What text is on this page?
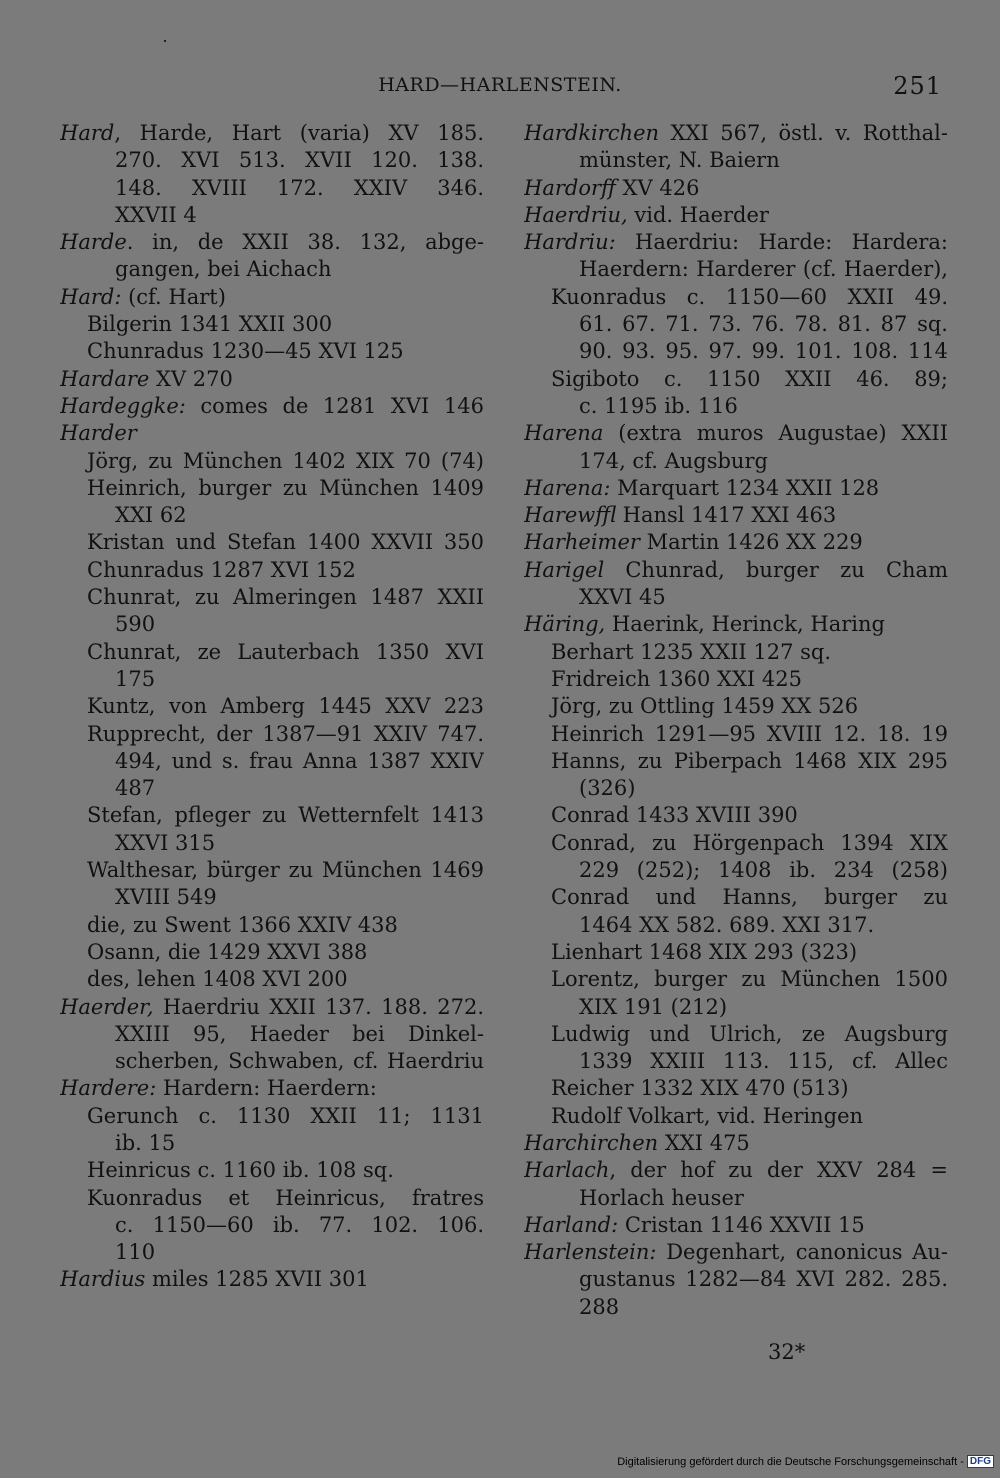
HARD—HARLENSTEIN.	251
Hard, Harde, Hart (varia) XV 185.
270. XVI 513. XVII 120. 138.
148. XVIII 172. XXIV 346.
XXVII 4
Harde. in, de XXII 38. 132, abge-
gangen, bei Aichach
Hard: (cf. Hart)
Bilgerin 1341 XXII 300
Chunradus 1230—45 XVI 125
Hardare XV 270
Hardeggke: comes de 1281 XVI 146
Harder
Jörg, zu München 1402 XIX 70 (74)
Heinrich, burger zu München 1409
XXI 62
Kristan und Stefan 1400 XXVII 350
Chunradus 1287 XVI 152
Chunrat, zu Almeringen 1487 XXII
590
Chunrat, ze Lauterbach 1350 XVI
175
Kuntz, von Amberg 1445 XXV 223
Rupprecht, der 1387—91 XXIV 747.
494, und s. frau Anna 1387 XXIV
487
Stefan, pfleger zu Wetternfelt 1413
XXVI 315
Walthesar, bürger zu München 1469
XVIII 549
die, zu Swent 1366 XXIV 438
Osann, die 1429 XXVI 388
des, lehen 1408 XVI 200
Haerder, Haerdriu XXII 137. 188. 272.
XXIII 95, Haeder bei Dinkel-
scherben, Schwaben, cf. Haerdriu
Hardere: Hardern: Haerdern:
Gerunch c. 1130 XXII 11; 1131
ib. 15
Heinricus c. 1160 ib. 108 sq.
Kuonradus et Heinricus, fratres
c. 1150—60 ib. 77. 102. 106.
110
Hardius miles 1285 XVII 301
Hardkirchen XXI 567, östl. v. Rotthal-
münster, N. Baiern
Hardorff XV 426
Haerdriu, vid. Haerder
Hardriu: Haerdriu: Harde: Hardera:
Haerdern: Harderer (cf. Haerder),
Kuonradus c. 1150—60 XXII 49.
61. 67. 71. 73. 76. 78. 81. 87 sq.
90. 93. 95. 97. 99. 101. 108. 114
Sigiboto c. 1150 XXII 46. 89;
c. 1195 ib. 116
Harena (extra muros Augustae) XXII
174, cf. Augsburg
Harena: Marquart 1234 XXII 128
Harewffl Hansl 1417 XXI 463
Harheimer Martin 1426 XX 229
Harigel Chunrad, burger zu Cham
XXVI 45
Häring, Haerink, Herinck, Haring
Berhart 1235 XXII 127 sq.
Fridreich 1360 XXI 425
Jörg, zu Ottling 1459 XX 526
Heinrich 1291—95 XVIII 12. 18. 19
Hanns, zu Piberpach 1468 XIX 295
(326)
Conrad 1433 XVIII 390
Conrad, zu Hörgenpach 1394 XIX
229 (252); 1408 ib. 234 (258)
Conrad und Hanns, burger zu
1464 XX 582. 689. XXI 317.
Lienhart 1468 XIX 293 (323)
Lorentz, burger zu München 1500
XIX 191 (212)
Ludwig und Ulrich, ze Augsburg
1339 XXIII 113. 115, cf. Allec
Reicher 1332 XIX 470 (513)
Rudolf Volkart, vid. Heringen
Harchirchen XXI 475
Harlach, der hof zu der XXV 284 =
Horlach heuser
Harland: Cristan 1146 XXVII 15
Harlenstein: Degenhart, canonicus Au-
gustanus 1282—84 XVI 282. 285.
288
32*
Digitalisierung gefördert durch die Deutsche Forschungsgemeinschaft - DFG
